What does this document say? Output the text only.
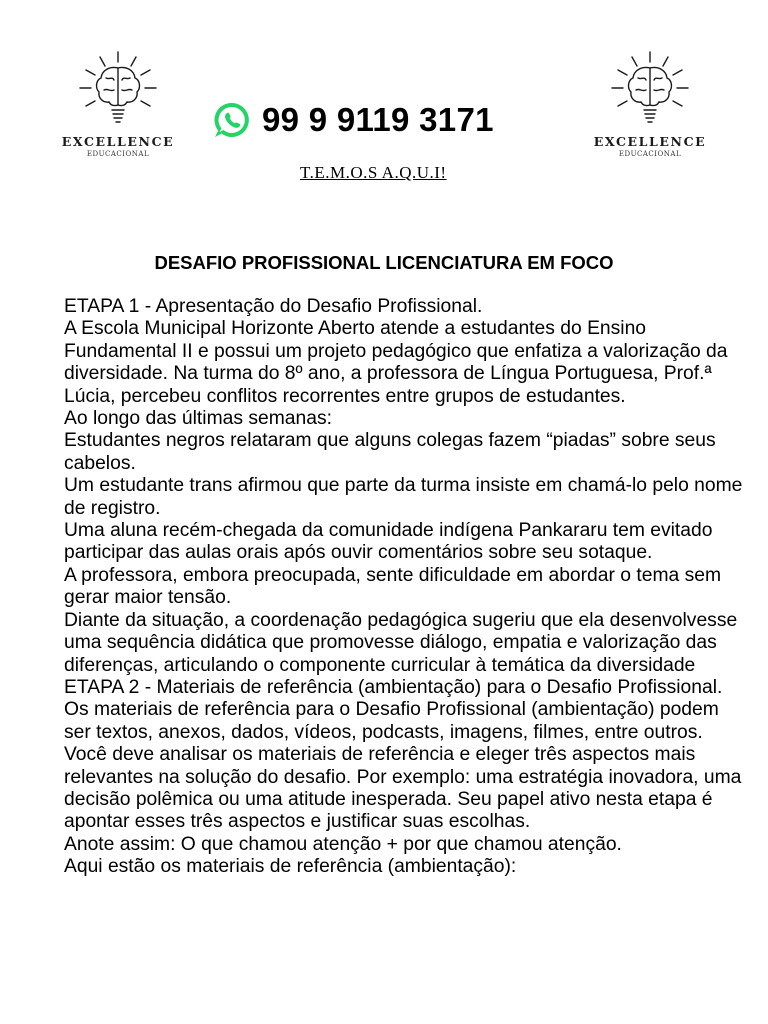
EXCELLENCE
EDUCACIONAL
EXCELLENCE
EDUCACIONAL
99 9 9119 3171
T.E.M.O.S A.Q.U.I!
DESAFIO PROFISSIONAL LICENCIATURA EM FOCO

ETAPA 1 - Apresentação do Desafio Profissional.

A Escola Municipal Horizonte Aberto atende a estudantes do Ensino Fundamental II e possui um projeto pedagógico que enfatiza a valorização da diversidade. Na turma do 8º ano, a professora de Língua Portuguesa, Prof.ª Lúcia, percebeu conflitos recorrentes entre grupos de estudantes.

Ao longo das últimas semanas:

Estudantes negros relataram que alguns colegas fazem “piadas” sobre seus cabelos.

Um estudante trans afirmou que parte da turma insiste em chamá-lo pelo nome de registro.

Uma aluna recém-chegada da comunidade indígena Pankararu tem evitado participar das aulas orais após ouvir comentários sobre seu sotaque.

A professora, embora preocupada, sente dificuldade em abordar o tema sem gerar maior tensão.

Diante da situação, a coordenação pedagógica sugeriu que ela desenvolvesse uma sequência didática que promovesse diálogo, empatia e valorização das diferenças, articulando o componente curricular à temática da diversidade

ETAPA 2 - Materiais de referência (ambientação) para o Desafio Profissional.

Os materiais de referência para o Desafio Profissional (ambientação) podem ser textos, anexos, dados, vídeos, podcasts, imagens, filmes, entre outros. Você deve analisar os materiais de referência e eleger três aspectos mais relevantes na solução do desafio. Por exemplo: uma estratégia inovadora, uma decisão polêmica ou uma atitude inesperada. Seu papel ativo nesta etapa é apontar esses três aspectos e justificar suas escolhas.

Anote assim: O que chamou atenção + por que chamou atenção.

Aqui estão os materiais de referência (ambientação):
